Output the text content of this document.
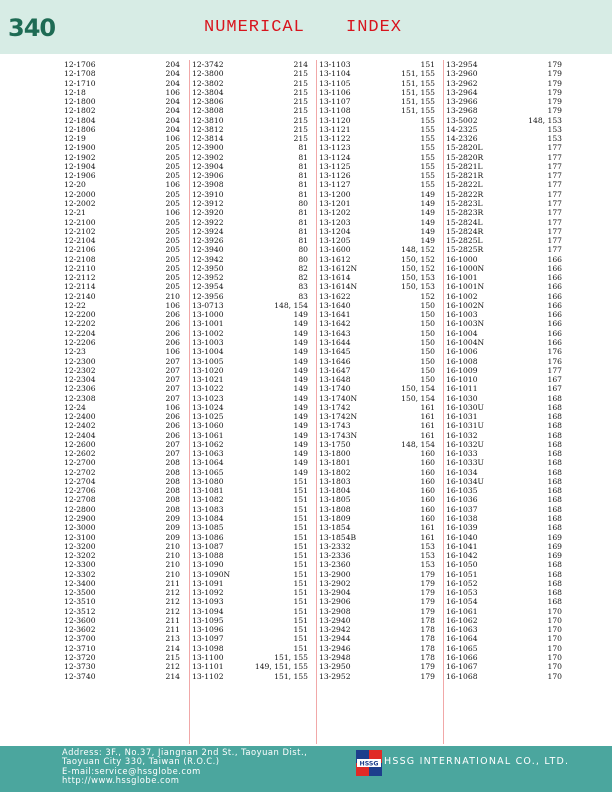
340	NUMERICAL INDEX
12-1706	204
12-1708	204
12-1710	204
12-18	106
12-1800	204
12-1802	204
12-1804	204
12-1806	204
12-19	106
12-1900	205
12-1902	205
12-1904	205
12-1906	205
12-20	106
12-2000	205
12-2002	205
12-21	106
12-2100	205
12-2102	205
12-2104	205
12-2106	205
12-2108	205
12-2110	205
12-2112	205
12-2114	205
12-2140	210
12-22	106
12-2200	206
12-2202	206
12-2204	206
12-2206	206
12-23	106
12-2300	207
12-2302	207
12-2304	207
12-2306	207
12-2308	207
12-24	106
12-2400	206
12-2402	206
12-2404	206
12-2600	207
12-2602	207
12-2700	208
12-2702	208
12-2704	208
12-2706	208
12-2708	208
12-2800	208
12-2900	209
12-3000	209
12-3100	209
12-3200	210
12-3202	210
12-3300	210
12-3302	210
12-3400	211
12-3500	212
12-3510	212
12-3512	212
12-3600	211
12-3602	211
12-3700	213
12-3710	214
12-3720	215
12-3730	212
12-3740	214
12-3742	214
12-3800	215
12-3802	215
12-3804	215
12-3806	215
12-3808	215
12-3810	215
12-3812	215
12-3814	215
12-3900	81
12-3902	81
12-3904	81
12-3906	81
12-3908	81
12-3910	81
12-3912	80
12-3920	81
12-3922	81
12-3924	81
12-3926	81
12-3940	80
12-3942	80
12-3950	82
12-3952	82
12-3954	83
12-3956	83
13-0713	148, 154
13-1000	149
13-1001	149
13-1002	149
13-1003	149
13-1004	149
13-1005	149
13-1020	149
13-1021	149
13-1022	149
13-1023	149
13-1024	149
13-1025	149
13-1060	149
13-1061	149
13-1062	149
13-1063	149
13-1064	149
13-1065	149
13-1080	151
13-1081	151
13-1082	151
13-1083	151
13-1084	151
13-1085	151
13-1086	151
13-1087	151
13-1088	151
13-1090	151
13-1090N	151
13-1091	151
13-1092	151
13-1093	151
13-1094	151
13-1095	151
13-1096	151
13-1097	151
13-1098	151
13-1100	151, 155
13-1101	149, 151, 155
13-1102	151, 155
13-1103	151
13-1104	151, 155
13-1105	151, 155
13-1106	151, 155
13-1107	151, 155
13-1108	151, 155
13-1120	155
13-1121	155
13-1122	155
13-1123	155
13-1124	155
13-1125	155
13-1126	155
13-1127	155
13-1200	149
13-1201	149
13-1202	149
13-1203	149
13-1204	149
13-1205	149
13-1600	148, 152
13-1612	150, 152
13-1612N	150, 152
13-1614	150, 153
13-1614N	150, 153
13-1622	152
13-1640	150
13-1641	150
13-1642	150
13-1643	150
13-1644	150
13-1645	150
13-1646	150
13-1647	150
13-1648	150
13-1740	150, 154
13-1740N	150, 154
13-1742	161
13-1742N	161
13-1743	161
13-1743N	161
13-1750	148, 154
13-1800	160
13-1801	160
13-1802	160
13-1803	160
13-1804	160
13-1805	160
13-1808	160
13-1809	160
13-1854	161
13-1854B	161
13-2332	153
13-2336	153
13-2360	153
13-2900	179
13-2902	179
13-2904	179
13-2906	179
13-2908	179
13-2940	178
13-2942	178
13-2944	178
13-2946	178
13-2948	178
13-2950	179
13-2952	179
13-2954	179
13-2960	179
13-2962	179
13-2964	179
13-2966	179
13-2968	179
13-5002	148, 153
14-2325	153
14-2326	153
15-2820L	177
15-2820R	177
15-2821L	177
15-2821R	177
15-2822L	177
15-2822R	177
15-2823L	177
15-2823R	177
15-2824L	177
15-2824R	177
15-2825L	177
15-2825R	177
16-1000	166
16-1000N	166
16-1001	166
16-1001N	166
16-1002	166
16-1002N	166
16-1003	166
16-1003N	166
16-1004	166
16-1004N	166
16-1006	176
16-1008	176
16-1009	177
16-1010	167
16-1011	167
16-1030	168
16-1030U	168
16-1031	168
16-1031U	168
16-1032	168
16-1032U	168
16-1033	168
16-1033U	168
16-1034	168
16-1034U	168
16-1035	168
16-1036	168
16-1037	168
16-1038	168
16-1039	168
16-1040	169
16-1041	169
16-1042	169
16-1050	168
16-1051	168
16-1052	168
16-1053	168
16-1054	168
16-1061	170
16-1062	170
16-1063	170
16-1064	170
16-1065	170
16-1066	170
16-1067	170
16-1068	170
Address: 3F., No.37, Jiangnan 2nd St., Taoyuan Dist.,
Taoyuan City 330, Taiwan (R.O.C.)
E-mail:service@hssglobe.com
http://www.hssglobe.com
HSSG HSSG INTERNATIONAL CO., LTD.
